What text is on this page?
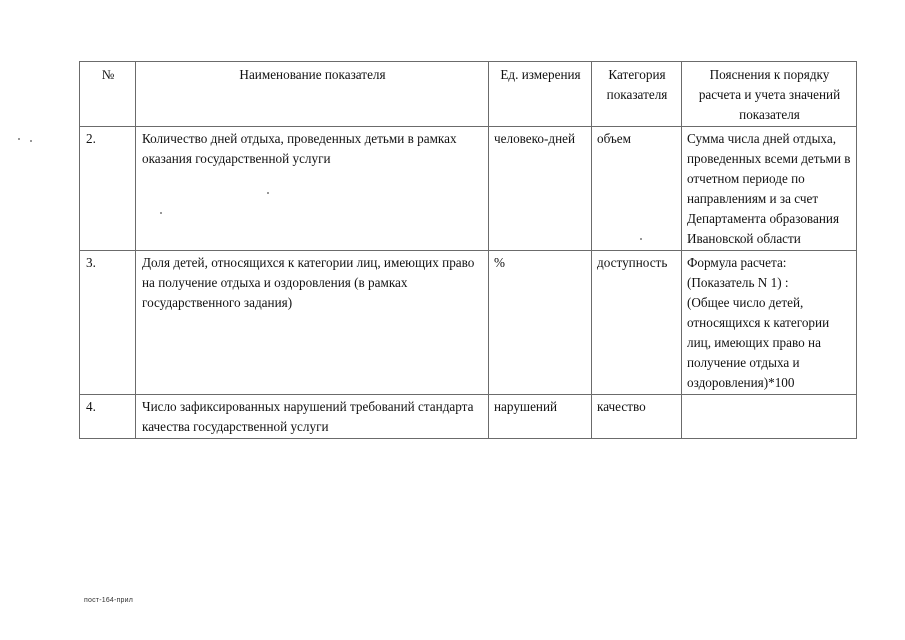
№	Наименование показателя	Ед. измерения	Категория показателя	Пояснения к порядку расчета и учета значений показателя
2.	Количество дней отдыха, проведенных детьми в рамках оказания государственной услуги	человеко-дней	объем	Сумма числа дней отдыха, проведенных всеми детьми в отчетном периоде по направлениям и за счет Департамента образования Ивановской области
3.	Доля детей, относящихся к категории лиц, имеющих право на получение отдыха и оздоровления (в рамках государственного задания)	%	доступность	Формула расчета:
(Показатель N 1) :
(Общее число детей, относящихся к категории лиц, имеющих право на получение отдыха и оздоровления)*100

4.	Число зафиксированных нарушений требований стандарта качества государственной услуги	нарушений	качество	
пост-164-прил
